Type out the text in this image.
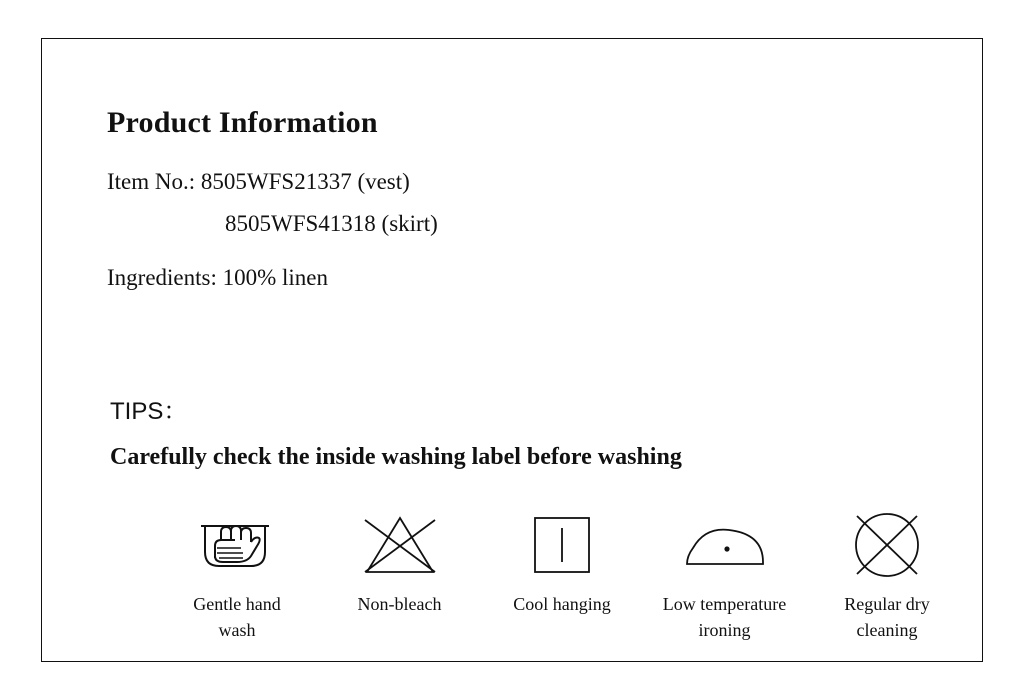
Product Information
Item No.: 8505WFS21337 (vest)
8505WFS41318 (skirt)
Ingredients: 100% linen
TIPS：
Carefully check the inside washing label before washing
Gentle hand wash
Non-bleach	Cool hanging	Low temperature ironing
Regular dry cleaning
